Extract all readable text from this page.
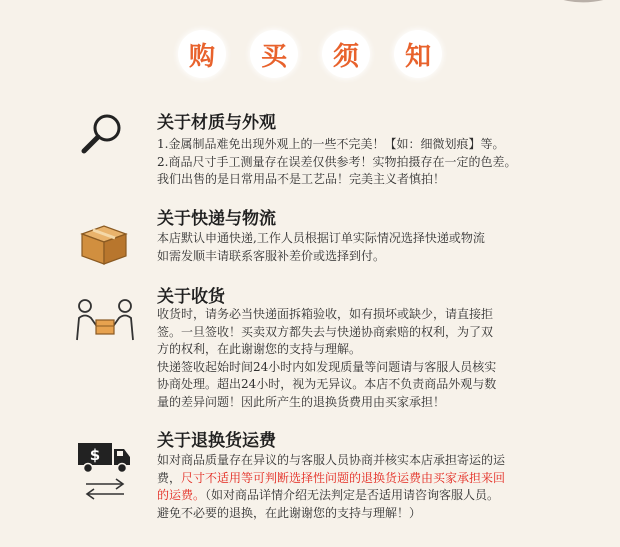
购	买	须	知
关于材质与外观

1.金属制品难免出现外观上的一些不完美！【如：细微划痕】等。

2.商品尺寸手工测量存在误差仅供参考！实物拍摄存在一定的色差。

我们出售的是日常用品不是工艺品！完美主义者慎拍！

关于快递与物流

本店默认申通快递,工作人员根据订单实际情况选择快递或物流

如需发顺丰请联系客服补差价或选择到付。

关于收货

收货时，请务必当快递面拆箱验收，如有损坏或缺少，请直接拒

签。一旦签收！买卖双方都失去与快递协商索赔的权利，为了双

方的权利，在此谢谢您的支持与理解。

快递签收起始时间24小时内如发现质量等问题请与客服人员核实

协商处理。超出24小时，视为无异议。本店不负责商品外观与数

量的差异问题！因此所产生的退换货费用由买家承担！

$
关于退换货运费

如对商品质量存在异议的与客服人员协商并核实本店承担寄运的运

费，尺寸不适用等可判断选择性问题的退换货运费由买家承担来回

的运费。（如对商品详情介绍无法判定是否适用请咨询客服人员。

避免不必要的退换，在此谢谢您的支持与理解！）
